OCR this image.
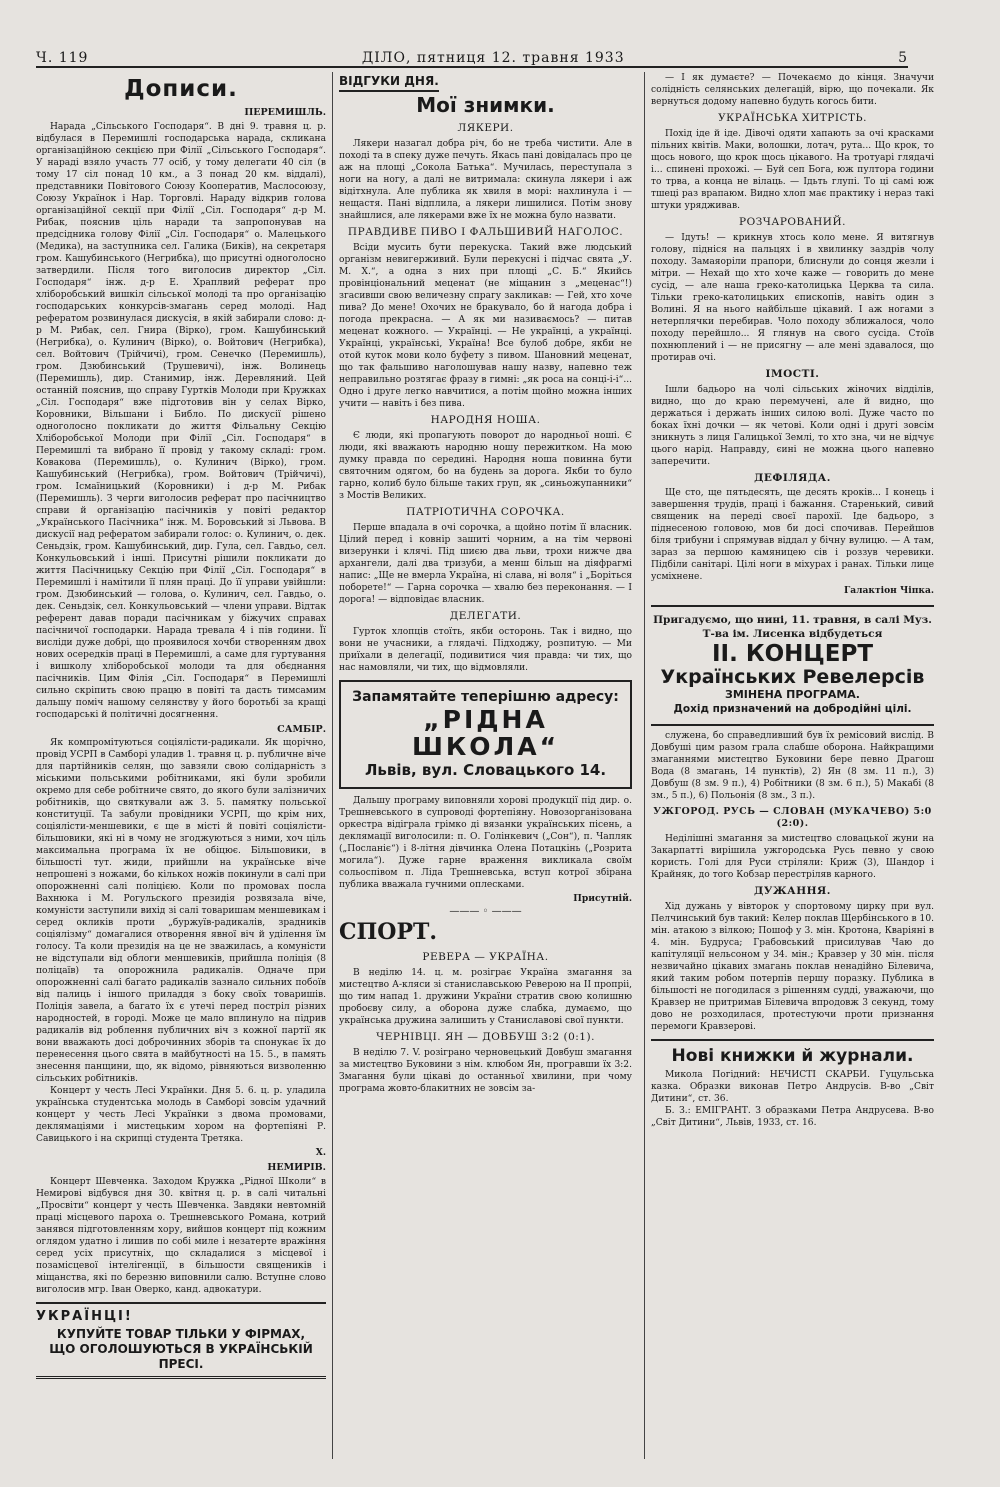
Ч. 119	ДІЛО, пятниця 12. травня 1933	5
Дописи.
ПЕРЕМИШЛЬ.

Нарада „Сільського Господаря“. В днi 9. травня ц. р. відбулася в Перемишлі господарська нарада, скликана організаційною секцією при Філії „Сільського Господаря“. У нараді взяло участь 77 осіб, у тому делегати 40 сіл (в тому 17 сіл понад 10 км., а 3 понад 20 км. віддалі), представники Повітового Союзу Кооператив, Маслосоюзу, Союзу Українок і Нар. Торговлі. Нараду відкрив голова організаційної секції при Філії „Сіл. Господаря“ д-р М. Рибак, пояснив ціль наради та запропонував на предсідника голову Філії „Сіл. Господаря“ о. Малецького (Медика), на заступника сел. Галика (Биків), на секретаря гром. Кашубинського (Негрибка), що присутні одноголосно затвердили. Після того виголосив директор „Сіл. Господаря“ інж. д-р Е. Храплвий реферат про хліборобський вишкіл сільської молоді та про організацію господарських конкурсів-змагань серед молоді. Над рефератом розвинулася дискусія, в якій забирали слово: д-р М. Рибак, сел. Гнира (Вірко), гром. Кашубинський (Негрибка), о. Кулинич (Вірко), о. Войтович (Негрибка), сел. Войтович (Трійчичі), гром. Сенечко (Перемишль), гром. Дзюбинський (Трушевичі), інж. Волинець (Перемишль), дир. Станимир, інж. Деревляний. Цей останній пояснив, що справу Гуртків Молоди при Кружках „Сіл. Господаря“ вже підготовив він у селах Вірко, Коровники, Вільшани і Библо. По дискусії рішено одноголосно покликати до життя Фільальну Секцію Хліборобської Молоди при Філії „Сіл. Господаря“ в Перемишлі та вибрано її провід у такому складі: гром. Ковакова (Перемишль), о. Кулинич (Вірко), гром. Кашубинський (Негрибка), гром. Войтович (Трійчичі), гром. Ісмаїницький (Коровники) і д-р М. Рибак (Перемишль). З черги виголосив реферат про пасічництво справи й організацію пасічників у повіті редактор „Українського Пасічника“ інж. М. Боровський зі Львова. В дискусії над рефератом забирали голос: о. Кулинич, о. дек. Сеньдзік, гром. Кашубинський, дир. Гула, сел. Гавдьо, сел. Конкульовський і інші. Присутні рішили покликати до життя Пасічницьку Секцію при Філії „Сіл. Господаря“ в Перемишлі і намітили її плян праці. До її управи увійшли: гром. Дзюбинський — голова, о. Кулинич, сел. Гавдьо, о. дек. Сеньдзік, сел. Конкульовський — члени управи. Відтак референт давав поради пасічникам у біжучих справах пасічничої господарки. Нарада тревала 4 і пів години. Її висліди дуже добрі, що проявилося хочби створенням двох нових осередків праці в Перемишлі, а саме для гуртування і вишколу хліборобської молоди та для обєднання пасічників. Цим Філія „Сіл. Господаря“ в Перемишлі сильно скріпить свою працю в повіті та дасть тимсамим дальшу поміч нашому селянству у його боротьбі за кращі господарські й політичні досягнення.

САМБІР.

Як компромітуються соціялісти-радикали. Як щорічно, провід УСРП в Самборі уладив 1. травня ц. р. публичне віче для партійників селян, що завзяли свою солідарність з міськими польськими робітниками, які були зробили окремо для себе робітниче свято, до якого були залізничих робітників, що святкували аж 3. 5. памятку польської конституції. Та забули провідники УСРП, що крім них, соціялісти-меншевики, є ще в місті й повіті соціялісти-більшовики, які ні в чому не згоджуються з ними, хоч ціль максимальна програма їх не обіцює. Більшовики, в більшості тут. жиди, прийшли на українське віче непрошені з ножами, бо кількох ножів покинули в салі при опорожненні салі поліцією. Коли по промовах посла Вахнюка і М. Рогульского президія розвязала віче, комуністи заступили вихід зі салі товаришам меншевикам і серед окликів проти „буржуїв-радикалів, зрадників соціялізму“ домагалися отворення явної віч й уділення їм голосу. Та коли президія на це не зважилась, а комуністи не відступали від облоги меншевиків, прийшла поліція (8 поліцаїв) та опорожнила радикалів. Одначе при опорожненні салі багато радикалів зазнало сильних побоїв від палиць і іншого приладдя з боку своїх товаришів. Поліція завела, а багато їх є утечі перед постріл різних народностей, в городі. Може це мало вплинуло на підрив радикалів від роблення публичних віч з кожної партії як вони вважають досі доброчинних зборів та спонукає їх до перенесення цього свята в майбутності на 15. 5., в память знесення панщини, що, як відомо, рівняються визволенню сільських робітників.

Концерт у честь Лесі Українки. Дня 5. 6. ц. р. уладила українська студентська молодь в Самборі зовсім удачний концерт у честь Лесі Українки з двома промовами, деклямаціями і мистецьким хором на фортепіяні Р. Савицького і на скрипці студента Третяка.

Х.
НЕМИРІВ.

Концерт Шевченка. Заходом Кружка „Рідної Школи“ в Немирові відбувся дня 30. квітня ц. р. в салі читальні „Просвіти“ концерт у честь Шевченка. Завдяки невтомній праці місцевого пароха о. Трешневського Романа, котрий занявся підготовленням хору, вийшов концерт під кожним оглядом удатно і лишив по собі миле і незатерте вражіння серед усіх присутніх, що складалися з місцевої і позамісцевої інтелігенції, в більшости священиків і міщанства, які по березню виповнили салю. Вступне слово виголосив мгр. Іван Оверко, канд. адвокатури.

УКРАЇНЦІ!
КУПУЙТЕ ТОВАР ТІЛЬКИ У ФІРМАХ, ЩО ОГОЛОШУЮТЬСЯ В УКРАЇНСЬКІЙ ПРЕСІ.
ВІДГУКИ ДНЯ.
Мої знимки.
ЛЯКЕРИ.

Лякери назагал добра річ, бо не треба чистити. Але в поході та в спеку дуже печуть. Якась пані довідалась про це аж на площі „Сокола Батька“. Мучилась, переступала з ноги на ногу, а далі не витримала: скинула лякери і аж відітхнула. Але публика як хвиля в морі: нахлинула і — нещастя. Пані відплила, а лякери лишилися. Потім знову знайшлися, але лякерами вже їх не можна було назвати.

ПРАВДИВЕ ПИВО І ФАЛЬШИВИЙ НАГОЛОС.

Всіди мусить бути перекуска. Такий вже людський організм невигерживий. Були перекусні і підчас свята „У. М. Х.“, а одна з них при площі „С. Б.“ Якийсь провінціональний меценат (не міщанин з „меценас“!) згасивши свою величезну спрагу закликав: — Гей, хто хоче пива? До мене! Охочих не бракувало, бо й нагода добра і погода прекрасна. — А як ми називаємось? — питав меценат кожного. — Українці. — Не українці, а українці. Українці, українські, Україна! Все булоб добре, якби не отой куток мови коло буфету з пивом. Шановний меценат, що так фальшиво наголошував нашу назву, напевно теж неправильно розтягає фразу в гимні: „як роса на сонці-і-і“... Одно і друге легко навчитися, а потім щойно можна інших учити — навіть і без пива.

НАРОДНЯ НОША.

Є люди, які пропагують поворот до народньої ноші. Є люди, які вважають народню ношу пережитком. На мою думку правда по середині. Народня ноша повинна бути святочним одягом, бо на будень за дорога. Якби то було гарно, колиб було більше таких груп, як „синьожупанники“ з Мостів Великих.

ПАТРІОТИЧНА СОРОЧКА.

Перше впадала в очі сорочка, а щойно потім її власник. Цілий перед і ковнір зашиті чорним, а на тім червоні визерунки і клячі. Під шиєю два льви, трохи нижче два архангели, далі два тризуби, а менш більш на діяфрагмі напис: „Ще не вмерла Україна, ні слава, ні воля“ і „Боріться поборете!“ — Гарна сорочка — хвалю без переконання. — І дорога! — відповідає власник.

ДЕЛЕГАТИ.

Гурток хлопців стоїть, якби осторонь. Так і видно, що вони не учасники, а глядачі. Підходжу, розпитую. — Ми приїхали в делегації, подивитися чия правда: чи тих, що нас намовляли, чи тих, що відмовляли.

Запамятайте теперішню адресу:
„РІДНА ШКОЛА“
Львів, вул. Словацького 14.

Дальшу програму виповняли хорові продукції під дир. о. Трешневського в супроводі фортепіяну. Новозорганізована оркестра відіграла грімко ді вязанки українських пісень, а деклямації виголосили: п. О. Голінкевич („Сон“), п. Чапляк („Посланіє“) і 8-літня дівчинка Олена Потацкiнь („Розрита могила“). Дуже гарне враження викликала своїм сольоспівом п. Ліда Трешневська, вступ котрої збірана публика вважала гучними оплесками.

Присутній.
——— ◦ ———
СПОРТ.
РЕВЕРА — УКРАЇНА.

В неділю 14. ц. м. розіграє Україна змагання за мистецтво А-кляси зі станиславською Реверою на II пропріі, що тим напад 1. дружини України стратив свою колишню пробоєву силу, а оборона дуже слабка, думаємо, що українська дружина залишить у Станиславові свої пункти.

ЧЕРНІВЦІ. ЯН — ДОВБУШ 3:2 (0:1).

В неділю 7. V. розіграно черновецький Довбуш змагання за мистецтво Буковини з нім. клюбом Ян, програвши їх 3:2. Змагання були цікаві до останньої хвилини, при чому програма жовто-блакитних не зовсім за-

— І як думаєте? — Почекаємо до кінця. Значучи солідність селянських делегацій, вірю, що почекали. Як вернуться додому напевно будуть когось бити.

УКРАЇНСЬКА ХИТРІСТЬ.

Похід іде й іде. Дівочі одяти хапають за очі красками пільних квітів. Маки, волошки, лотач, рута... Що крок, то щось нового, що крок щось цікавого. На тротуарі глядачі і... спинені прохожі. — Буй сеп Бога, юж пултора години то трва, а концa не вілаць. — Ідьть глупі. То ці самі юж тшеці раз врапаюм. Видно хлоп має практику і нераз такі штуки урядживав.

РОЗЧАРОВАНИЙ.

— Ідуть! — крикнув хтось коло мене. Я витягнув голову, підніся на пальцях і в хвилинку заздрів чолу походу. Замаяоріли прапори, блиснули до сонця жезли і мітри. — Нехай що хто хоче каже — говорить до мене сусід, — але наша греко-католицька Церква та сила. Тільки греко-католицьких єпископів, навіть один з Волині. Я на нього найбільше цікавий. І аж ногами з нетерплячки перебирав. Чоло походу зближалося, чоло походу перейшло... Я глянув на свого сусіда. Стоїв похнюплений і — не присягну — але мені здавалося, що протирав очі.

ІМОСТІ.

Ішли бадьоро на чолі сільських жіночих відділів, видно, що до краю перемучені, але й видно, що держаться і держать інших силою волі. Дуже часто по боках їхні дочки — як четові. Коли одні і другі зовсім зникнуть з лиця Галицької Землі, то хто зна, чи не відчує цього нарід. Направду, єині не можна цього напевно заперечити.

ДЕФІЛЯДА.

Ще сто, ще пятьдесять, ще десять кроків... І конець і завершення трудів, праці і бажання. Старенький, сивий священик на переді своєї парохії. Іде бадьоро, з піднесеною головою, мов би досі спочивав. Перейшов біля трибуни і спрямував віддал у бічну вулицю. — А там, зараз за першою камяницею сів і роззув черевики. Підбіли санітарі. Цілі ноги в міхурах і ранах. Тільки лице усміхнене.

Галактіон Чіпка.
Пригадуємо, що нині, 11. травня, в салі Муз. Т-ва ім. Лисенка відбудеться
II. КОНЦЕРТ
Українських Ревелерсів
ЗМІНЕНА ПРОГРАМА.
Дохід призначений на добродійні цілі.

служена, бо справедливший був їх ремісовий вислід. В Довбуші цим разом грала слабше оборона. Найкращими змаганнями мистецтво Буковини бере певно Драгош Вода (8 змагань, 14 пунктів), 2) Ян (8 зм. 11 п.), 3) Довбуш (8 зм. 9 п.), 4) Робітники (8 зм. 6 п.), 5) Макабі (8 зм., 5 п.), 6) Польонія (8 зм., 3 п.).

УЖГОРОД. РУСЬ — СЛОВАН (МУКАЧЕВО) 5:0 (2:0).

Неділішні змагання за мистецтво словацької жуни на Закарпатті вирішила ужгородська Русь певно у свою користь. Голі для Руси стріляли: Криж (3), Шандор і Крайняк, до того Кобзар перестріляв карного.

ДУЖАННЯ.

Хід дужань у вівторок у спортовому цирку при вул. Пелчинський був такий: Келер поклав Щербінського в 10. мін. атакою з вілкою; Пошоф у 3. мін. Кротона, Кваріяні в 4. мін. Будруса; Грабовський присилував Чаю до капітуляції нельсоном у 34. мін.; Кравзер у 30 мін. після незвичайно цікавих змагань поклав ненадійно Білевича, який таким робом потерпів першу поразку. Публика в більшості не погодилася з рішенням судді, уважаючи, що Кравзер не притримав Білевича впродовж 3 секунд, тому дово не розходилася, протестуючи проти признання перемоги Кравзерові.

Нові книжки й журнали.

Микола Погідний: НЕЧИСТІ СКАРБИ. Гуцульська казка. Образки виконав Петро Андрусів. В-во „Світ Дитини“, ст. 36.

Б. З.: ЕМІГРАНТ. З образками Петра Андрусева. В-во „Світ Дитини“, Львів, 1933, ст. 16.
